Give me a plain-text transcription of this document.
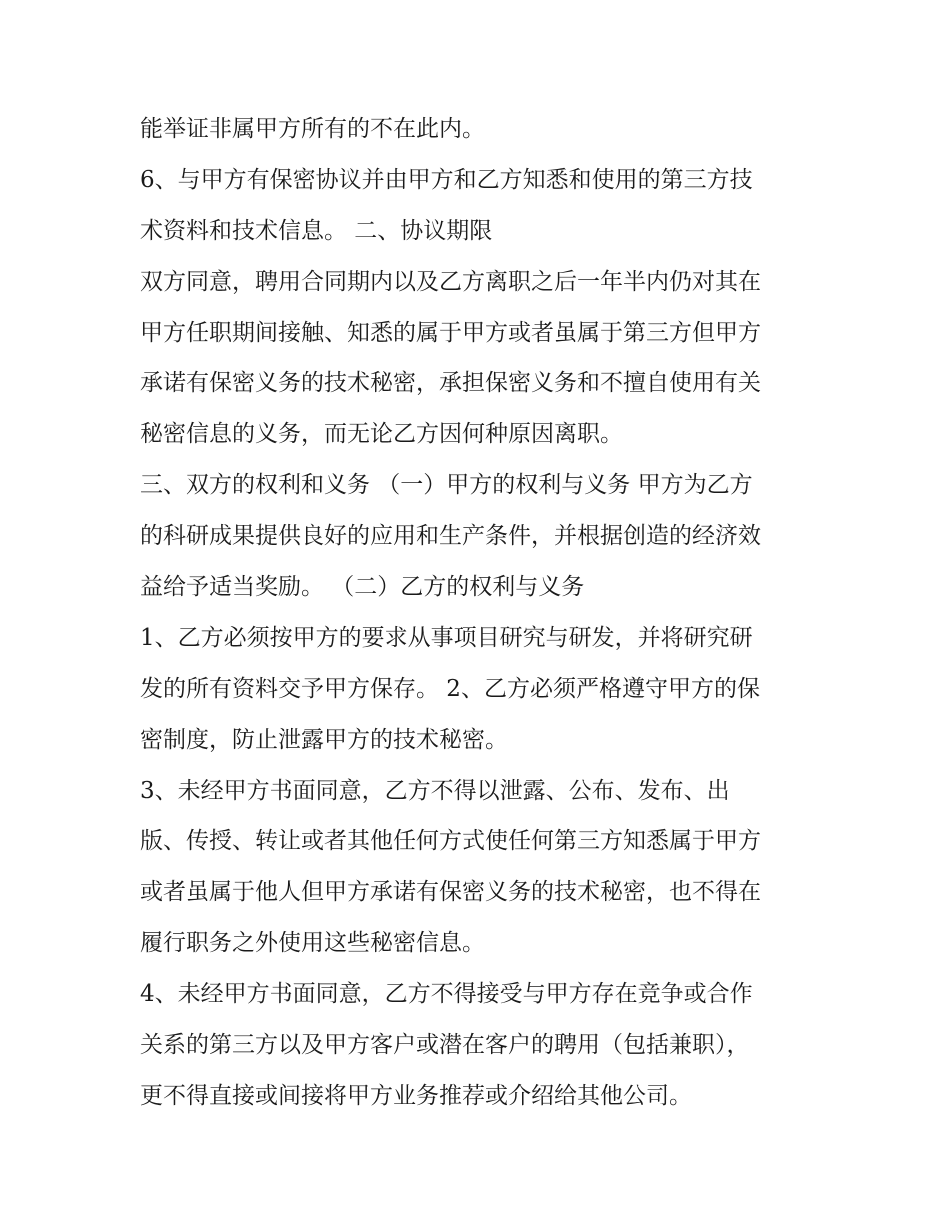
能举证非属甲方所有的不在此内。
6、与甲方有保密协议并由甲方和乙方知悉和使用的第三方技
术资料和技术信息。 二、协议期限
双方同意，聘用合同期内以及乙方离职之后一年半内仍对其在
甲方任职期间接触、知悉的属于甲方或者虽属于第三方但甲方
承诺有保密义务的技术秘密，承担保密义务和不擅自使用有关
秘密信息的义务，而无论乙方因何种原因离职。
三、双方的权利和义务 （一）甲方的权利与义务 甲方为乙方
的科研成果提供良好的应用和生产条件，并根据创造的经济效
益给予适当奖励。 （二）乙方的权利与义务
1、乙方必须按甲方的要求从事项目研究与研发，并将研究研
发的所有资料交予甲方保存。 2、乙方必须严格遵守甲方的保
密制度，防止泄露甲方的技术秘密。
3、未经甲方书面同意，乙方不得以泄露、公布、发布、出
版、传授、转让或者其他任何方式使任何第三方知悉属于甲方
或者虽属于他人但甲方承诺有保密义务的技术秘密，也不得在
履行职务之外使用这些秘密信息。
4、未经甲方书面同意，乙方不得接受与甲方存在竞争或合作
关系的第三方以及甲方客户或潜在客户的聘用（包括兼职），
更不得直接或间接将甲方业务推荐或介绍给其他公司。
